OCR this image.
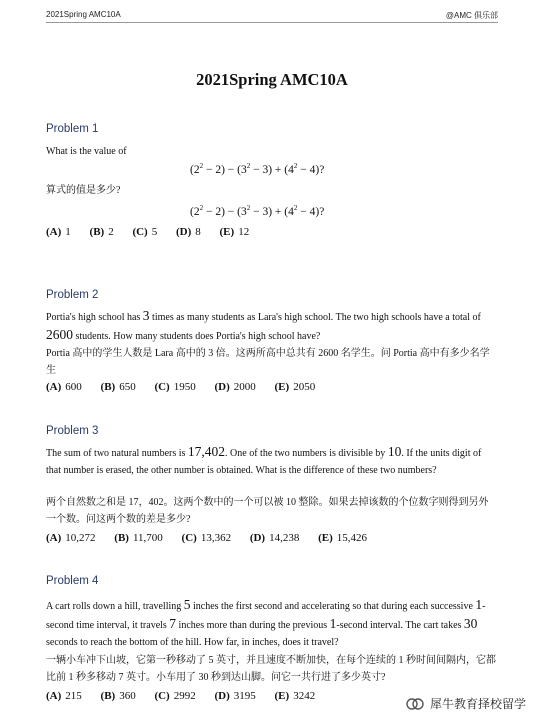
2021Spring AMC10A	@AMC 俱乐部
2021Spring AMC10A
Problem 1
What is the value of
$(2^2 - 2) - (3^2 - 3) + (4^2 - 4)$?
算式的值是多少?
$(2^2 - 2) - (3^2 - 3) + (4^2 - 4)$?
(A) 1 (B) 2 (C) 5 (D) 8 (E) 12
Problem 2
Portia's high school has 3 times as many students as Lara's high school. The two high schools have a total of 2600 students. How many students does Portia's high school have?
Portia 高中的学生人数是 Lara 高中的 3 倍。这两所高中总共有 2600 名学生。问 Portia 高中有多少名学生
(A) 600 (B) 650 (C) 1950 (D) 2000 (E) 2050
Problem 3
The sum of two natural numbers is 17,402. One of the two numbers is divisible by 10. If the units digit of that number is erased, the other number is obtained. What is the difference of these two numbers?
两个自然数之和是 17，402。这两个数中的一个可以被 10 整除。如果去掉该数的个位数字则得到另外一个数。问这两个数的差是多少?
(A) 10,272 (B) 11,700 (C) 13,362 (D) 14,238 (E) 15,426
Problem 4
A cart rolls down a hill, travelling 5 inches the first second and accelerating so that during each successive 1-second time interval, it travels 7 inches more than during the previous 1-second interval. The cart takes 30 seconds to reach the bottom of the hill. How far, in inches, does it travel?
一辆小车冲下山坡，它第一秒移动了 5 英寸，并且速度不断加快，在每个连续的 1 秒时间间隔内，它都比前 1 秒多移动 7 英寸。小车用了 30 秒到达山脚。问它一共行进了多少英寸?
(A) 215 (B) 360 (C) 2992 (D) 3195 (E) 3242
犀牛教育择校留学
